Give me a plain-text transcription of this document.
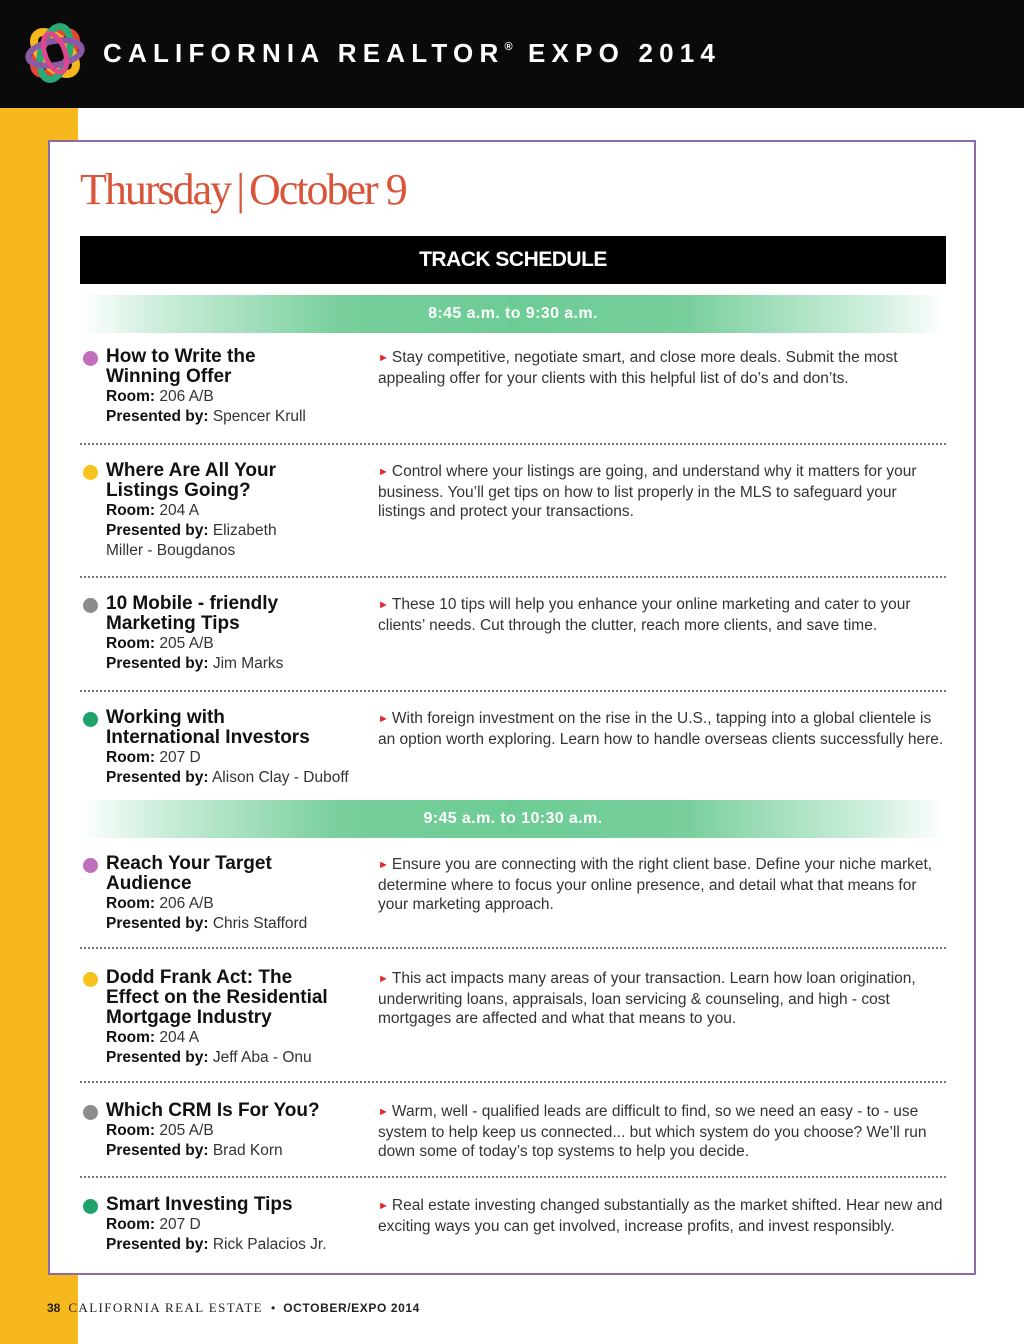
CALIFORNIA REALTOR® EXPO 2014
Thursday | October 9
TRACK SCHEDULE
8:45 a.m. to 9:30 a.m.
How to Write the
Winning Offer
Room: 206 A/B
Presented by: Spencer Krull
► Stay competitive, negotiate smart, and close more deals. Submit the most appealing offer for your clients with this helpful list of do’s and don’ts.
Where Are All Your
Listings Going?
Room: 204 A
Presented by: Elizabeth
Miller - Bougdanos
► Control where your listings are going, and understand why it matters for your business. You’ll get tips on how to list properly in the MLS to safeguard your listings and protect your transactions.
10 Mobile - friendly
Marketing Tips
Room: 205 A/B
Presented by: Jim Marks
► These 10 tips will help you enhance your online marketing and cater to your clients’ needs. Cut through the clutter, reach more clients, and save time.
Working with
International Investors
Room: 207 D
Presented by: Alison Clay - Duboff
► With foreign investment on the rise in the U.S., tapping into a global clientele is an option worth exploring. Learn how to handle overseas clients successfully here.
9:45 a.m. to 10:30 a.m.
Reach Your Target
Audience
Room: 206 A/B
Presented by: Chris Stafford
► Ensure you are connecting with the right client base. Define your niche market, determine where to focus your online presence, and detail what that means for your marketing approach.
Dodd Frank Act: The
Effect on the Residential
Mortgage Industry
Room: 204 A
Presented by: Jeff Aba - Onu
► This act impacts many areas of your transaction. Learn how loan origination, underwriting loans, appraisals, loan servicing & counseling, and high - cost mortgages are affected and what that means to you.
Which CRM Is For You?
Room: 205 A/B
Presented by: Brad Korn
► Warm, well - qualified leads are difficult to find, so we need an easy - to - use system to help keep us connected... but which system do you choose? We’ll run down some of today’s top systems to help you decide.
Smart Investing Tips
Room: 207 D
Presented by: Rick Palacios Jr.
► Real estate investing changed substantially as the market shifted. Hear new and exciting ways you can get involved, increase profits, and invest responsibly.
38 CALIFORNIA REAL ESTATE • OCTOBER/EXPO 2014
